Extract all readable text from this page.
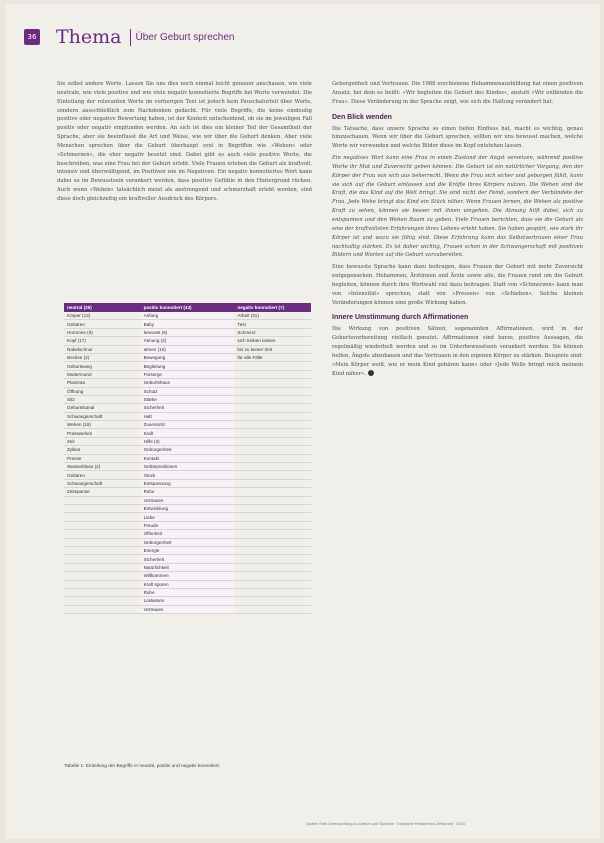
36 Thema Über Geburt sprechen

Sie selbst andere Worte. Lassen Sie uns dies noch einmal leicht genauer anschauen, wie viele neutrale, wie viele positive und wie viele negativ konnotierte Begriffe bei Worte verwendet. Die Einteilung der relevanten Worte im vorherigen Text ist jedoch kein Pauschalurteil über Worte, sondern ausschließlich zum Nachdenken gedacht. Für viele Begriffe, die keine eindeutig positive oder negative Bewertung haben, ist der Kontext entscheidend, ob sie im jeweiligen Fall positiv oder negativ empfunden werden. An sich ist dies ein kleiner Teil der Gesamtheit der Sprache, aber sie beeinflusst die Art und Weise, wie wir über die Geburt denken. Aber viele Menschen sprechen über die Geburt überhaupt erst in Begriffen wie »Wehen« oder »Schmerzen«, die eher negativ besetzt sind. Dabei gibt es auch viele positive Worte, die beschreiben, was eine Frau bei der Geburt erlebt. Viele Frauen erleben die Geburt als kraftvoll, intensiv und überwältigend, im Positiven wie im Negativen. Ein negativ konnotiertes Wort kann dabei so im Bewusstsein verankert werden, dass positive Gefühle in den Hintergrund rücken. Auch wenn »Wehen« tatsächlich meist als anstrengend und schmerzhaft erlebt werden, sind diese doch gleichzeitig ein kraftvoller Ausdruck des Körpers.

neutral (29)	positiv konnotiert (43)	negativ konnotiert (7)
Körper (13)	Anfang	Arbeit (31)
Gebären	Baby	Test
Hormone (9)	bewusst (6)	Schmerz
Kopf (17)	Atmung (2)	sich treiben lassen
Nabelschnur	atmen (10)	bis zu keiner Zeit
Becken (2)	Bewegung	für alle Fälle
Geburtsweg	Begleitung	
Muttermund	Fürsorge	
Plazenta	Geburtshaus	
Öffnung	Schutz	
Sitz	Stärke	
Geburtskanal	Sicherheit	
Schwangerschaft	Halt	
Wehen (18)	Zuversicht	
Presswehen	Kraft	
Zeit	Hilfe (3)	
Zyklus	Geborgenheit	
Presse	Kontakt	
Wasserblase (2)	Gebärpositionen	
Gebären	Glück	
Schwangerschaft	Entspannung	
Zeitspanne	Ruhe	
	Vertrauen	
	Entwicklung	
	Liebe	
	Freude	
	Offenheit	
	Geborgenheit	
	Energie	
	Sicherheit	
	Natürlichkeit	
	Willkommen	
	Kraft spüren	
	Ruhe	
	Loslassen	
	Vertrauen	
Tabelle 1: Einteilung der Begriffe in neutral, positiv und negativ konnotiert.

Geborgenheit und Vertrauen. Die 1988 erschienene Hebammenausbildung hat einen positiven Ansatz, bei dem es heißt: »Wir begleiten die Geburt des Kindes«, anstatt »Wir entbinden die Frau«. Diese Veränderung in der Sprache zeigt, wie sich die Haltung verändert hat.

Den Blick wenden

Die Tatsache, dass unsere Sprache so einen tiefen Einfluss hat, macht es wichtig, genau hinzuschauen. Wenn wir über die Geburt sprechen, sollten wir uns bewusst machen, welche Worte wir verwenden und welche Bilder diese im Kopf entstehen lassen.

Ein negatives Wort kann eine Frau in einen Zustand der Angst versetzen, während positive Worte ihr Mut und Zuversicht geben können. Die Geburt ist ein natürlicher Vorgang, den der Körper der Frau von sich aus beherrscht. Wenn die Frau sich sicher und geborgen fühlt, kann sie sich auf die Geburt einlassen und die Kräfte ihres Körpers nutzen. Die Wehen sind die Kraft, die das Kind auf die Welt bringt. Sie sind nicht der Feind, sondern der Verbündete der Frau. Jede Wehe bringt das Kind ein Stück näher. Wenn Frauen lernen, die Wehen als positive Kraft zu sehen, können sie besser mit ihnen umgehen. Die Atmung hilft dabei, sich zu entspannen und den Wehen Raum zu geben. Viele Frauen berichten, dass sie die Geburt als eine der kraftvollsten Erfahrungen ihres Lebens erlebt haben. Sie haben gespürt, wie stark ihr Körper ist und wozu sie fähig sind. Diese Erfahrung kann das Selbstvertrauen einer Frau nachhaltig stärken. Es ist daher wichtig, Frauen schon in der Schwangerschaft mit positiven Bildern und Worten auf die Geburt vorzubereiten.

Eine bewusste Sprache kann dazu beitragen, dass Frauen der Geburt mit mehr Zuversicht entgegensehen. Hebammen, Ärztinnen und Ärzte sowie alle, die Frauen rund um die Geburt begleiten, können durch ihre Wortwahl viel dazu beitragen. Statt von »Schmerzen« kann man von »Intensität« sprechen, statt von »Pressen« von »Schieben«. Solche kleinen Veränderungen können eine große Wirkung haben.

Innere Umstimmung durch Affirmationen

Die Wirkung von positiven Sätzen, sogenannten Affirmationen, wird in der Geburtsvorbereitung vielfach genutzt. Affirmationen sind kurze, positive Aussagen, die regelmäßig wiederholt werden und so im Unterbewusstsein verankert werden. Sie können helfen, Ängste abzubauen und das Vertrauen in den eigenen Körper zu stärken. Beispiele sind: »Mein Körper weiß, wie er mein Kind gebären kann« oder »Jede Welle bringt mich meinem Kind näher«.

Quelle: Eine Untersuchung zu Geburt und Sprache · Deutsche Hebammen Zeitschrift · 2016
